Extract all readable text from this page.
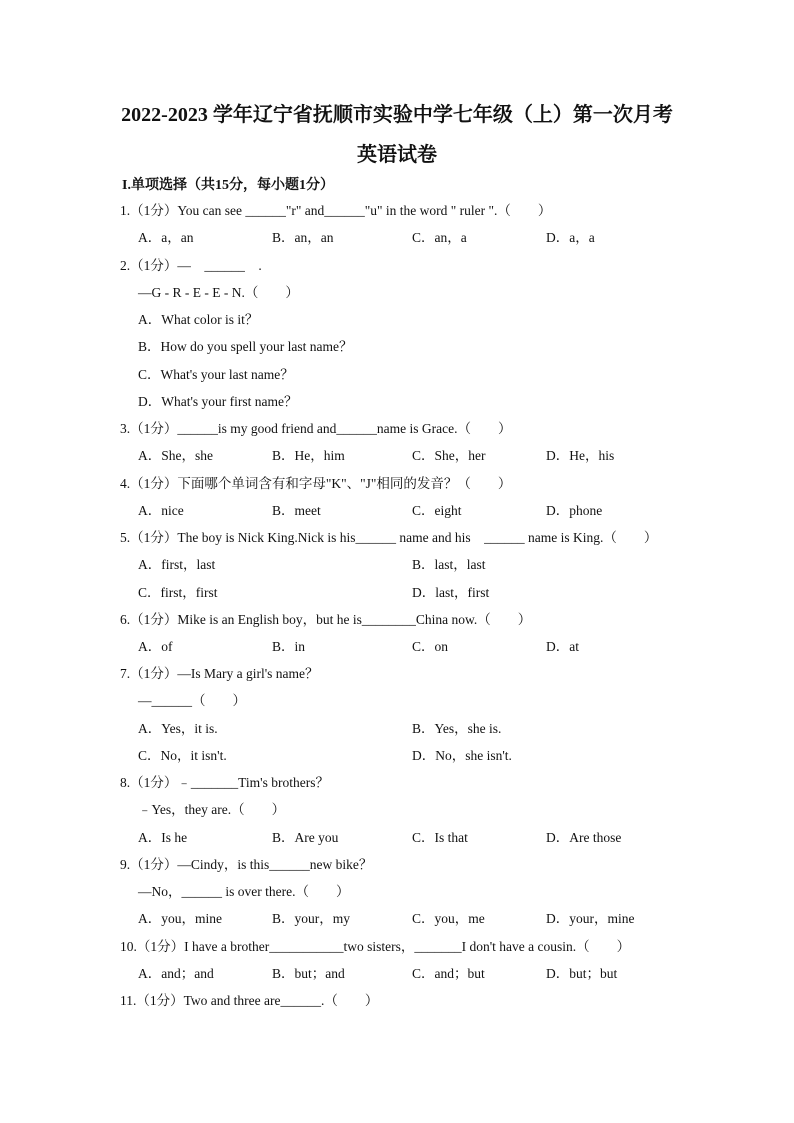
2022-2023 学年辽宁省抚顺市实验中学七年级（上）第一次月考
英语试卷
I.单项选择（共15分，每小题1分）
1.（1分）You can see ______"r" and______"u" in the word " ruler ".（　　）
A．a，an	B．an，an	C．an，a	D．a，a
2.（1分）—　______　.
—G - R - E - E - N.（　　）
A．What color is it？
B．How do you spell your last name？
C．What's your last name？
D．What's your first name？
3.（1分）______is my good friend and______name is Grace.（　　）
A．She，she	B．He，him	C．She，her	D．He，his
4.（1分）下面哪个单词含有和字母"K"、"J"相同的发音？（　　）
A．nice	B．meet	C．eight	D．phone
5.（1分）The boy is Nick King.Nick is his______ name and his　______ name is King.（　　）
A．first，last	B．last，last
C．first，first	D．last，first
6.（1分）Mike is an English boy，but he is________China now.（　　）
A．of	B．in	C．on	D．at
7.（1分）—Is Mary a girl's name？
—______（　　）
A．Yes，it is.	B．Yes，she is.
C．No，it isn't.	D．No，she isn't.
8.（1分）﹣_______Tim's brothers？
﹣Yes，they are.（　　）
A．Is he	B．Are you	C．Is that	D．Are those
9.（1分）—Cindy，is this______new bike？
—No，______ is over there.（　　）
A．you，mine	B．your，my	C．you，me	D．your，mine
10.（1分）I have a brother___________two sisters，_______I don't have a cousin.（　　）
A．and；and	B．but；and	C．and；but	D．but；but
11.（1分）Two and three are______.（　　）
